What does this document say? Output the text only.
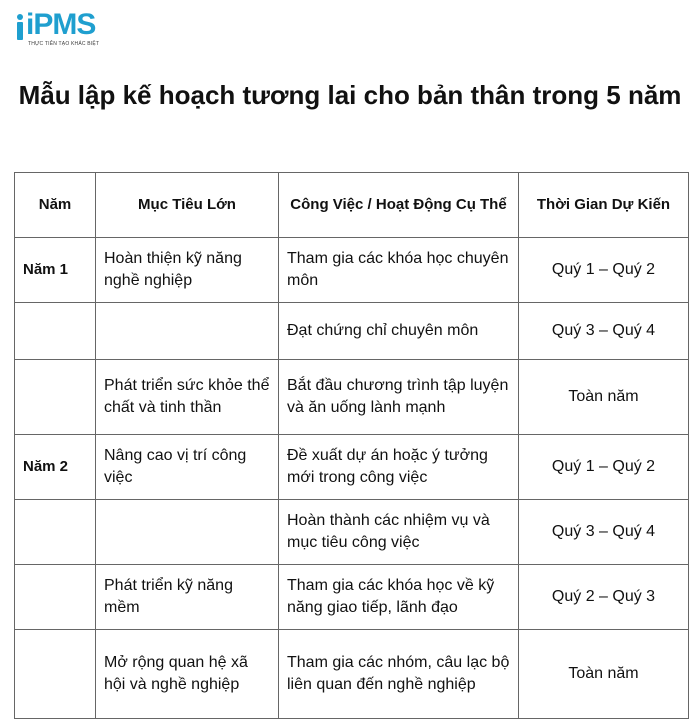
iPMS
THỰC TIỄN TẠO KHÁC BIỆT
Mẫu lập kế hoạch tương lai cho bản thân trong 5 năm
Năm	Mục Tiêu Lớn	Công Việc / Hoạt Động Cụ Thể	Thời Gian Dự Kiến
Năm 1	Hoàn thiện kỹ năng nghề nghiệp	Tham gia các khóa học chuyên môn	Quý 1 – Quý 2
		Đạt chứng chỉ chuyên môn	Quý 3 – Quý 4
	Phát triển sức khỏe thể chất và tinh thần	Bắt đầu chương trình tập luyện và ăn uống lành mạnh	Toàn năm
Năm 2	Nâng cao vị trí công việc	Đề xuất dự án hoặc ý tưởng mới trong công việc	Quý 1 – Quý 2
		Hoàn thành các nhiệm vụ và mục tiêu công việc	Quý 3 – Quý 4
	Phát triển kỹ năng mềm	Tham gia các khóa học về kỹ năng giao tiếp, lãnh đạo	Quý 2 – Quý 3
	Mở rộng quan hệ xã hội và nghề nghiệp	Tham gia các nhóm, câu lạc bộ liên quan đến nghề nghiệp	Toàn năm
